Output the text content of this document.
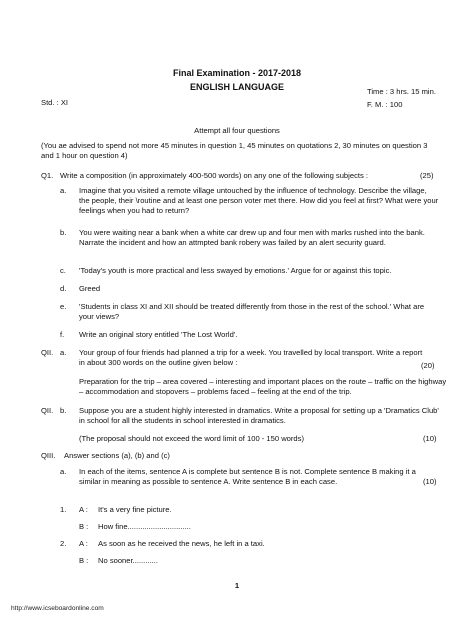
Final Examination - 2017-2018
ENGLISH LANGUAGE	Time : 3 hrs. 15 min.
Std. : XI	F. M. : 100
Attempt all four questions
(You ae advised to spend not more 45 minutes in question 1, 45 minutes on quotations 2, 30 minutes on question 3 and 1 hour on question 4)
Q1. Write a composition (in approximately 400-500 words) on any one of the following subjects :	(25)
a. Imagine that you visited a remote village untouched by the influence of technology. Describe the village, the people, their \routine and at least one person voter met there. How did you feel at first? What were your feelings when you had to return?
b. You were waiting near a bank when a white car drew up and four men with marks rushed into the bank. Narrate the incident and how an attmpted bank robery was failed by an alert security guard.
c. 'Today's youth is more practical and less swayed by emotions.' Argue for or against this topic.
d. Greed
e. 'Students in class XI and XII should be treated differently from those in the rest of the school.' What are your views?
f. Write an original story entitled 'The Lost World'.
QII. a. Your group of four friends had planned a trip for a week. You travelled by local transport. Write a report in about 300 words on the outline given below :	(20)
Preparation for the trip – area covered – interesting and important places on the route – traffic on the highway – accommodation and stopovers – problems faced – feeling at the end of the trip.
QII. b. Suppose you are a student highly interested in dramatics. Write a proposal for setting up a 'Dramatics Club' in school for all the students in school interested in dramatics.
(The proposal should not exceed the word limit of 100 - 150 words)	(10)
QIII. Answer sections (a), (b) and (c)
a. In each of the items, sentence A is complete but sentence B is not. Complete sentence B making it a similar in meaning as possible to sentence A. Write sentence B in each case.	(10)
1. A : It's a very fine picture.
B : How fine..............................
2. A : As soon as he received the news, he left in a taxi.
B : No sooner............
1
http://www.icseboardonline.com
